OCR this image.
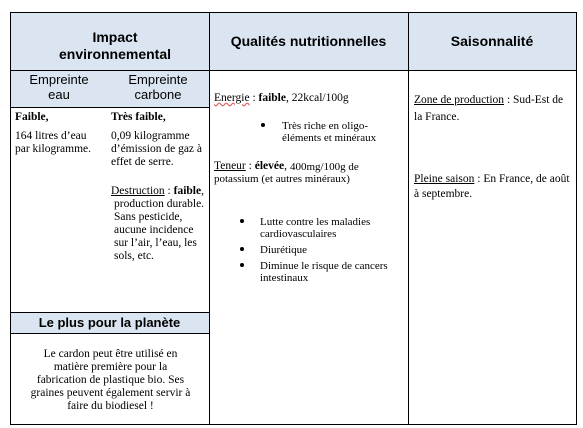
Impact environnemental
Qualités nutritionnelles	Saisonnalité
Empreinte eau
Empreinte carbone
Faible,
164 litres d’eau par kilogramme.
Très faible,
0,09 kilogramme d’émission de gaz à effet de serre.
Destruction : faible,
production durable. Sans pesticide, aucune incidence sur l’air, l’eau, les sols, etc.
Le plus pour la planète
Le cardon peut être utilisé en matière première pour la fabrication de plastique bio. Ses graines peuvent également servir à faire du biodiesel !
Energie : faible, 22kcal/100g
Très riche en oligo-éléments et minéraux
Teneur : élevée, 400mg/100g de potassium (et autres minéraux)
Lutte contre les maladies cardiovasculaires
Diurétique
Diminue le risque de cancers intestinaux
Zone de production : Sud-Est de la France.
Pleine saison : En France, de août à septembre.
